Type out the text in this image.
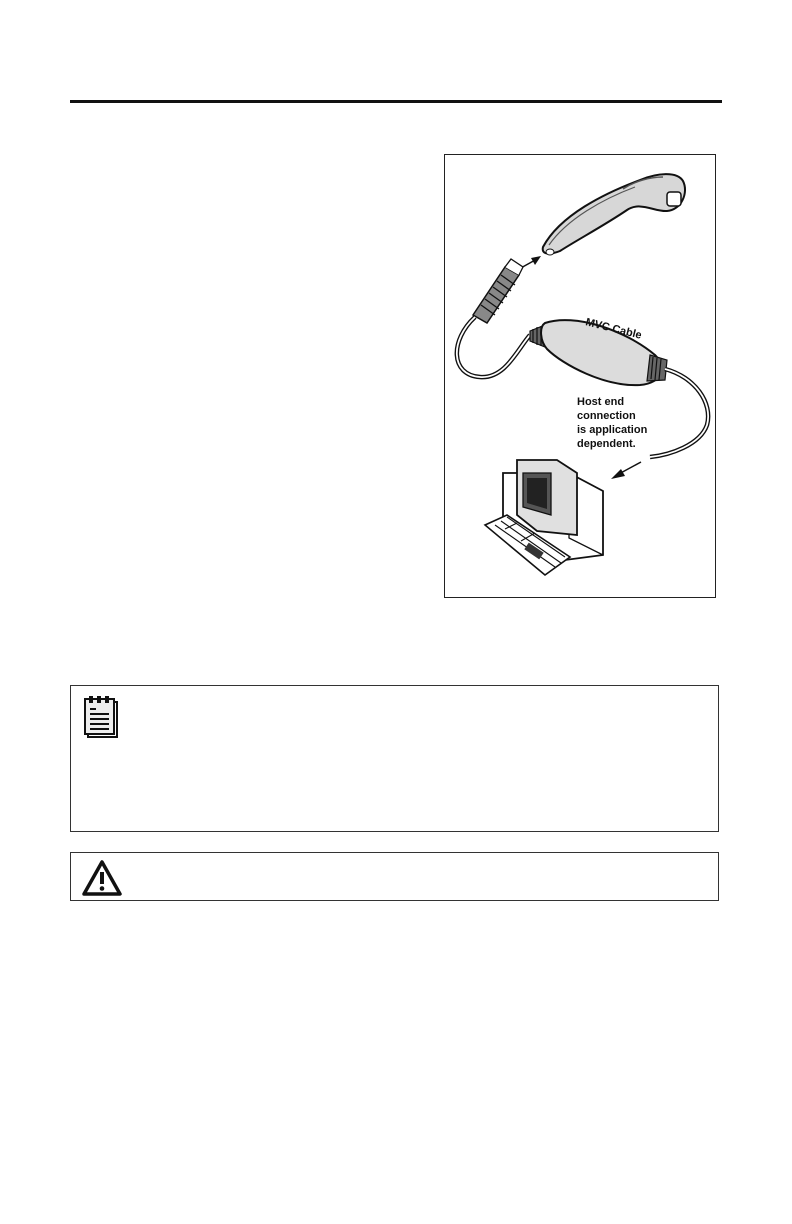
MVC Cable
Host end connection is application dependent.
